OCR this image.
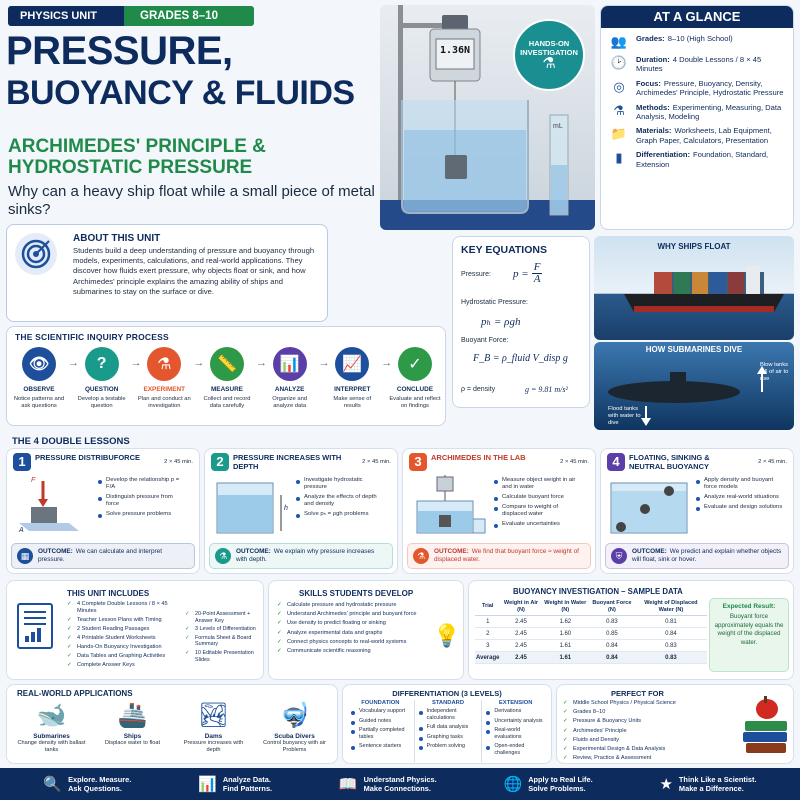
PHYSICS UNIT	GRADES 8–10
PRESSURE,
BUOYANCY & FLUIDS
ARCHIMEDES' PRINCIPLE &
HYDROSTATIC PRESSURE
Why can a heavy ship float while a small piece of metal sinks?
1.36N
mL
HANDS-ON
INVESTIGATION
⚗
AT A GLANCE
👥 Grades: 8–10 (High School)
🕑 Duration: 4 Double Lessons / 8 × 45 Minutes
◎	Focus: Pressure, Buoyancy, Density, Archimedes' Principle, Hydrostatic Pressure
⚗	Methods: Experimenting, Measuring, Data Analysis, Modeling
📁 Materials: Worksheets, Lab Equipment, Graph Paper, Calculators, Presentation
▮	Differentiation: Foundation, Standard, Extension
ABOUT THIS UNIT
Students build a deep understanding of pressure and buoyancy through models, experiments, calculations, and real-world applications. They discover how fluids exert pressure, why objects float or sink, and how Archimedes' principle explains the amazing ability of ships and submarines to stay on the surface or dive.
KEY EQUATIONS
Pressure: $p = \frac{F}{A}$
Hydrostatic Pressure:
pₕ = ρgh
Buoyant Force:
F_B = ρ_fluid V_disp g
ρ = density	g = 9.81 m/s²
WHY SHIPS FLOAT
HOW SUBMARINES DIVE
Blow tanks full of air to rise
Flood tanks with water to dive
THE SCIENTIFIC INQUIRY PROCESS
👁
OBSERVE
Notice patterns and ask questions
→	?
QUESTION
Develop a testable question
→ ⚗
EXPERIMENT
Plan and conduct an investigation
→ 📏
MEASURE
Collect and record data carefully
→ 📊
ANALYZE
Organize and analyze data
→ 📈
INTERPRET
Make sense of results
→ ✓
CONCLUDE
Evaluate and reflect on findings
THE 4 DOUBLE LESSONS
1	PRESSURE DISTRIBUFORCE	2 × 45 min.
F
A
Develop the relationship p = F/A
Distinguish pressure from force
Solve pressure problems
▦	OUTCOME: We can calculate and interpret pressure.
2	PRESSURE INCREASES WITH DEPTH	2 × 45 min.
h
Investigate hydrostatic pressure
Analyze the effects of depth and density
Solve pₕ = ρgh problems
⚗	OUTCOME: We explain why pressure increases with depth.
3	ARCHIMEDES IN THE LAB	2 × 45 min.
Measure object weight in air and in water
Calculate buoyant force
Compare to weight of displaced water
Evaluate uncertainties
⚗	OUTCOME: We find that buoyant force ≈ weight of displaced water.
4	FLOATING, SINKING & NEUTRAL BUOYANCY	2 × 45 min.
Apply density and buoyant force models
Analyze real-world situations
Evaluate and design solutions
⛨	OUTCOME: We predict and explain whether objects will float, sink or hover.
THIS UNIT INCLUDES
✓ 4 Complete Double Lessons / 8 × 45 Minutes
✓ Teacher Lesson Plans with Timing
✓ 2 Student Reading Passages
✓ 4 Printable Student Worksheets
✓ Hands-On Buoyancy Investigation
✓ Data Tables and Graphing Activities
✓ Complete Answer Keys
✓ 20-Point Assessment + Answer Key
✓ 3 Levels of Differentiation
✓ Formula Sheet & Board Summary
✓ 10 Editable Presentation Slides
SKILLS STUDENTS DEVELOP
✓ Calculate pressure and hydrostatic pressure
✓ Understand Archimedes' principle and buoyant force
✓ Use density to predict floating or sinking
✓ Analyze experimental data and graphs
✓ Connect physics concepts to real-world systems
✓ Communicate scientific reasoning
💡
BUOYANCY INVESTIGATION – SAMPLE DATA
Trial	Weight in Air (N)	Weight in Water (N)	Buoyant Force (N)	Weight of Displaced Water (N)
1	2.45	1.62	0.83	0.81
2	2.45	1.60	0.85	0.84
3	2.45	1.61	0.84	0.83
Average	2.45	1.61	0.84	0.83
Expected Result:
Buoyant force approximately equals the weight of the displaced water.
REAL-WORLD APPLICATIONS
🐋
Submarines
Change density with ballast tanks
🚢
Ships
Displace water to float
🏞
Dams
Pressure increases with depth
🤿
Scuba Divers
Control buoyancy with air Problems
DIFFERENTIATION (3 LEVELS)
FOUNDATION
Vocabulary support
Guided notes
Partially completed tables
Sentence starters
STANDARD
Independent calculations
Full data analysis
Graphing tasks
Problem solving
EXTENSION
Derivations
Uncertainty analysis
Real-world evaluations
Open-ended challenges
PERFECT FOR
✓ Middle School Physics / Physical Science
✓ Grades 8–10
✓ Pressure & Buoyancy Units
✓ Archimedes' Principle
✓ Fluids and Density
✓ Experimental Design & Data Analysis
✓ Review, Practice & Assessment
🔍 Explore. Measure.
Ask Questions.	📊 Analyze Data.
Find Patterns.	📖 Understand Physics.
Make Connections.	🌐 Apply to Real Life.
Solve Problems.	★ Think Like a Scientist.
Make a Difference.
